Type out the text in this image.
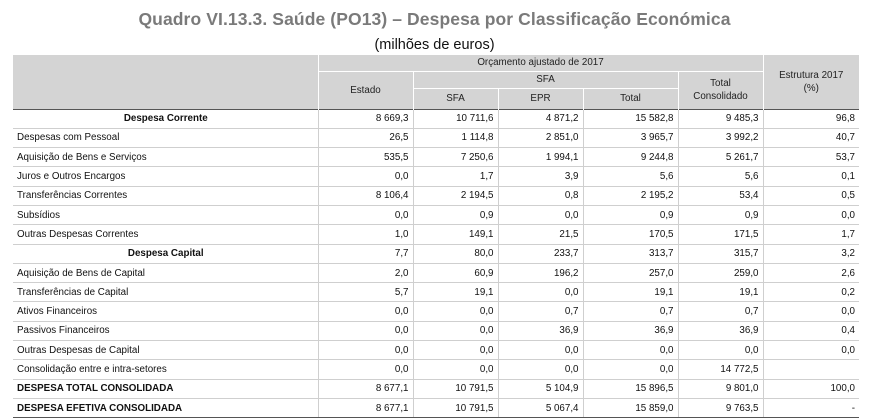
Quadro VI.13.3. Saúde (PO13) – Despesa por Classificação Económica
(milhões de euros)
	Orçamento ajustado de 2017					Estrutura 2017 (%)

	Estado	SFA			Total Consolidado	

		SFA	EPR	Total		
Despesa Corrente	8 669,3	10 711,6	4 871,2	15 582,8	9 485,3	96,8
Despesas com Pessoal	26,5	1 114,8	2 851,0	3 965,7	3 992,2	40,7
Aquisição de Bens e Serviços	535,5	7 250,6	1 994,1	9 244,8	5 261,7	53,7
Juros e Outros Encargos	0,0	1,7	3,9	5,6	5,6	0,1
Transferências Correntes	8 106,4	2 194,5	0,8	2 195,2	53,4	0,5
Subsídios	0,0	0,9	0,0	0,9	0,9	0,0
Outras Despesas Correntes	1,0	149,1	21,5	170,5	171,5	1,7
Despesa Capital	7,7	80,0	233,7	313,7	315,7	3,2
Aquisição de Bens de Capital	2,0	60,9	196,2	257,0	259,0	2,6
Transferências de Capital	5,7	19,1	0,0	19,1	19,1	0,2
Ativos Financeiros	0,0	0,0	0,7	0,7	0,7	0,0
Passivos Financeiros	0,0	0,0	36,9	36,9	36,9	0,4
Outras Despesas de Capital	0,0	0,0	0,0	0,0	0,0	0,0
Consolidação entre e intra-setores	0,0	0,0	0,0	0,0	14 772,5	
DESPESA TOTAL CONSOLIDADA	8 677,1	10 791,5	5 104,9	15 896,5	9 801,0	100,0
DESPESA EFETIVA CONSOLIDADA	8 677,1	10 791,5	5 067,4	15 859,0	9 763,5	-
